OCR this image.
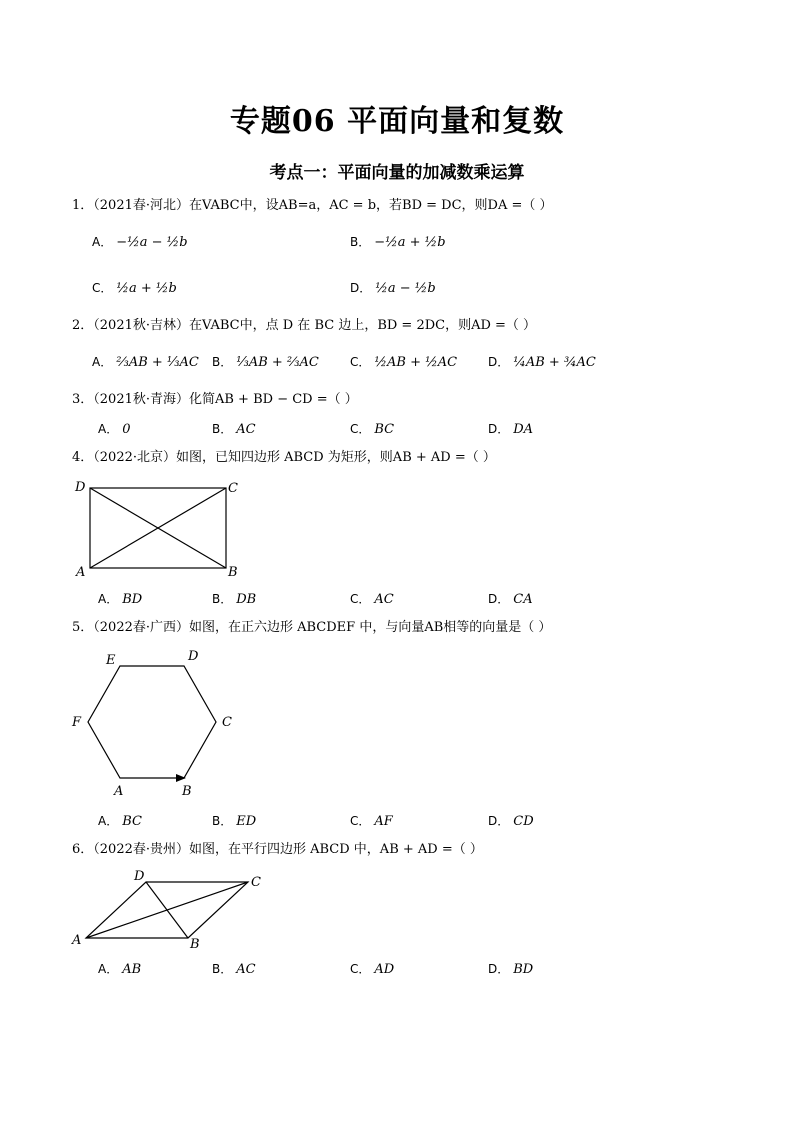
专题06 平面向量和复数
考点一：平面向量的加减数乘运算
1．（2021春·河北）在VABC中，设AB=a，AC = b，若BD = DC，则DA =（ ）
A． −½a − ½b	B． −½a + ½b
C． ½a + ½b	D． ½a − ½b
2．（2021秋·吉林）在VABC中，点 D 在 BC 边上，BD = 2DC，则AD =（ ）
A． ⅔AB + ⅓AC B． ⅓AB + ⅔AC	C． ½AB + ½AC	D． ¼AB + ¾AC
3．（2021秋·青海）化简AB + BD − CD =（ ）
A． 0	B． AC	C． BC	D． DA
4．（2022·北京）如图，已知四边形 ABCD 为矩形，则AB + AD =（ ）
A	B
C
D
A． BD	B． DB	C． AC	D． CA
5．（2022春·广西）如图，在正六边形 ABCDEF 中，与向量AB相等的向量是（ ）
A	B
C
D
E
F
A． BC	B． ED	C． AF	D． CD
6．（2022春·贵州）如图，在平行四边形 ABCD 中，AB + AD =（ ）
A	B
C
D
A． AB	B． AC	C． AD	D． BD
